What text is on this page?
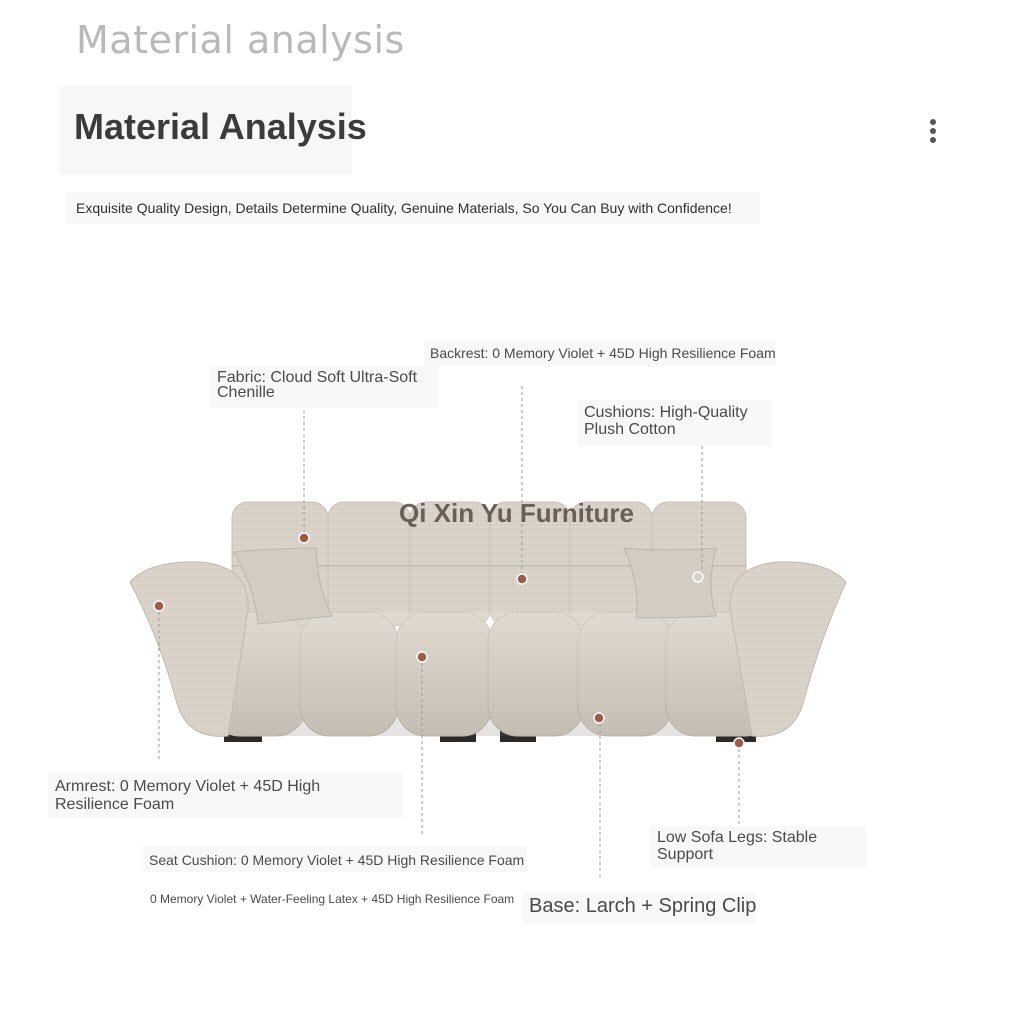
Material analysis
Material Analysis
Exquisite Quality Design, Details Determine Quality, Genuine Materials, So You Can Buy with Confidence!
Qi Xin Yu Furniture
Backrest: 0 Memory Violet + 45D High Resilience Foam
Fabric: Cloud Soft Ultra-Soft
Chenille
Cushions: High-Quality
Plush Cotton
Armrest: 0 Memory Violet + 45D High
Resilience Foam
Seat Cushion: 0 Memory Violet + 45D High Resilience Foam
0 Memory Violet + Water-Feeling Latex + 45D High Resilience Foam
Low Sofa Legs: Stable
Support
Base: Larch + Spring Clip
